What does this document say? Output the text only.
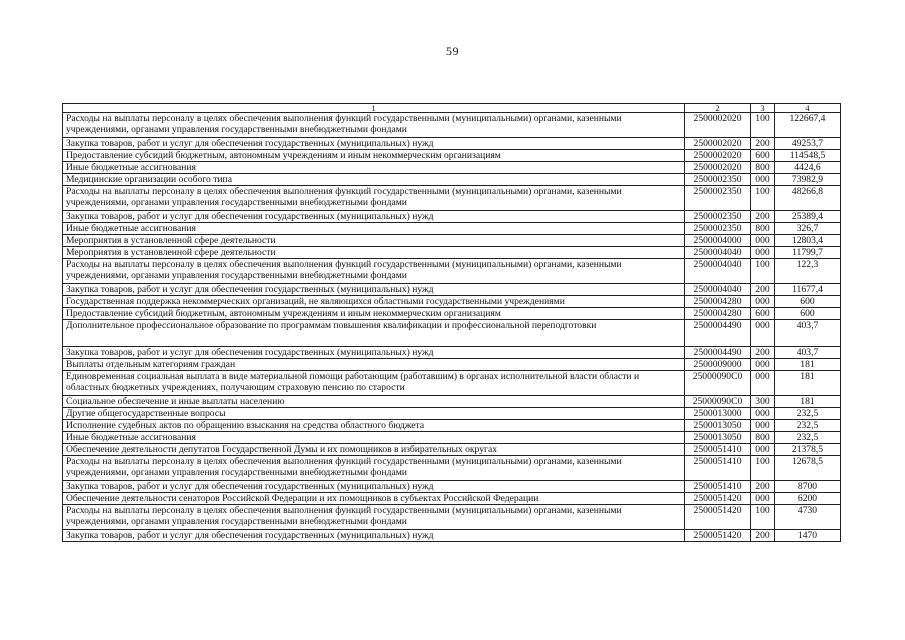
59
1	2	3	4
Расходы на выплаты персоналу в целях обеспечения выполнения функций государственными (муниципальными) органами, казенными учреждениями, органами управления государственными внебюджетными фондами	2500002020	100	122667,4
Закупка товаров, работ и услуг для обеспечения государственных (муниципальных) нужд	2500002020	200	49253,7
Предоставление субсидий бюджетным, автономным учреждениям и иным некоммерческим организациям	2500002020	600	114548,5
Иные бюджетные ассигнования	2500002020	800	4424,6
Медицинские организации особого типа	2500002350	000	73982,9
Расходы на выплаты персоналу в целях обеспечения выполнения функций государственными (муниципальными) органами, казенными учреждениями, органами управления государственными внебюджетными фондами	2500002350	100	48266,8
Закупка товаров, работ и услуг для обеспечения государственных (муниципальных) нужд	2500002350	200	25389,4
Иные бюджетные ассигнования	2500002350	800	326,7
Мероприятия в установленной сфере деятельности	2500004000	000	12803,4
Мероприятия в установленной сфере деятельности	2500004040	000	11799,7
Расходы на выплаты персоналу в целях обеспечения выполнения функций государственными (муниципальными) органами, казенными учреждениями, органами управления государственными внебюджетными фондами	2500004040	100	122,3
Закупка товаров, работ и услуг для обеспечения государственных (муниципальных) нужд	2500004040	200	11677,4
Государственная поддержка некоммерческих организаций, не являющихся областными государственными учреждениями	2500004280	000	600
Предоставление субсидий бюджетным, автономным учреждениям и иным некоммерческим организациям	2500004280	600	600
Дополнительное профессиональное образование по программам повышения квалификации и профессиональной переподготовки	2500004490	000	403,7
Закупка товаров, работ и услуг для обеспечения государственных (муниципальных) нужд	2500004490	200	403,7
Выплаты отдельным категориям граждан	2500009000	000	181
Единовременная социальная выплата в виде материальной помощи работающим (работавшим) в органах исполнительной власти области и областных бюджетных учреждениях, получающим страховую пенсию по старости	25000090С0	000	181
Социальное обеспечение и иные выплаты населению	25000090С0	300	181
Другие общегосударственные вопросы	2500013000	000	232,5
Исполнение судебных актов по обращению взыскания на средства областного бюджета	2500013050	000	232,5
Иные бюджетные ассигнования	2500013050	800	232,5
Обеспечение деятельности депутатов Государственной Думы и их помощников в избирательных округах	2500051410	000	21378,5
Расходы на выплаты персоналу в целях обеспечения выполнения функций государственными (муниципальными) органами, казенными учреждениями, органами управления государственными внебюджетными фондами	2500051410	100	12678,5
Закупка товаров, работ и услуг для обеспечения государственных (муниципальных) нужд	2500051410	200	8700
Обеспечение деятельности сенаторов Российской Федерации и их помощников в субъектах Российской Федерации	2500051420	000	6200
Расходы на выплаты персоналу в целях обеспечения выполнения функций государственными (муниципальными) органами, казенными учреждениями, органами управления государственными внебюджетными фондами	2500051420	100	4730
Закупка товаров, работ и услуг для обеспечения государственных (муниципальных) нужд	2500051420	200	1470
